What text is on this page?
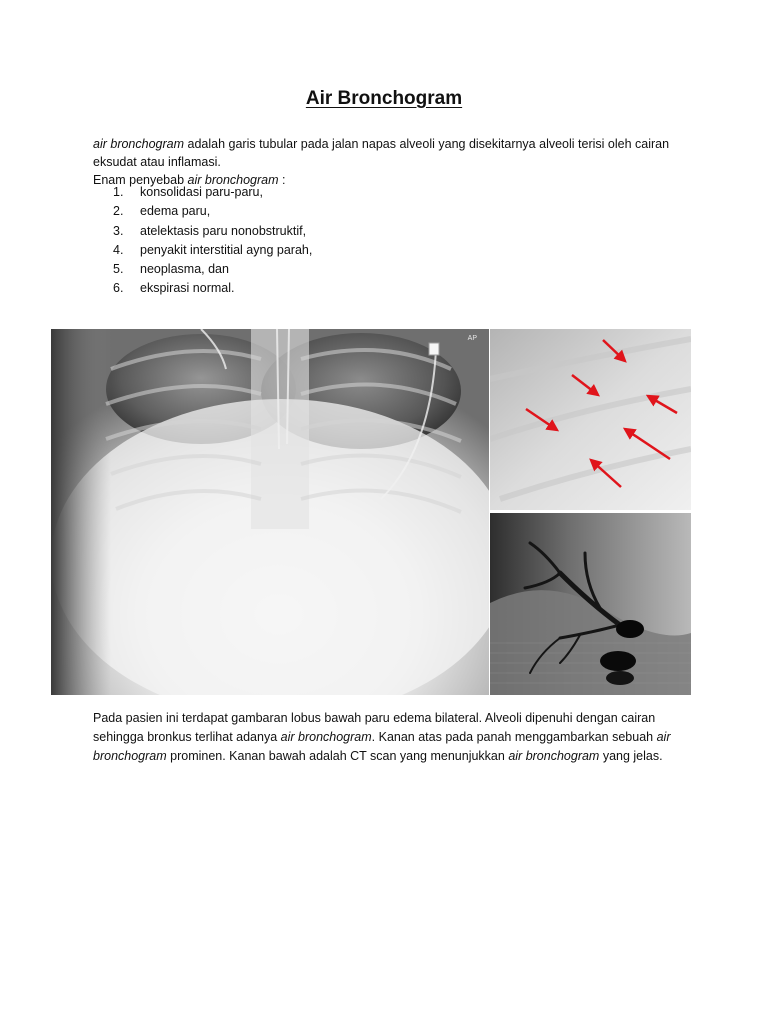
Air Bronchogram

air bronchogram adalah garis tubular pada jalan napas alveoli yang disekitarnya alveoli terisi oleh cairan eksudat atau inflamasi.

Enam penyebab air bronchogram :

1.	konsolidasi paru-paru,
2.	edema paru,
3.	atelektasis paru nonobstruktif,
4.	penyakit interstitial ayng parah,
5.	neoplasma, dan
6.	ekspirasi normal.
AP

Pada pasien ini terdapat gambaran lobus bawah paru edema bilateral. Alveoli dipenuhi dengan cairan sehingga bronkus terlihat adanya air bronchogram. Kanan atas pada panah menggambarkan sebuah air bronchogram prominen. Kanan bawah adalah CT scan yang menunjukkan air bronchogram yang jelas.
